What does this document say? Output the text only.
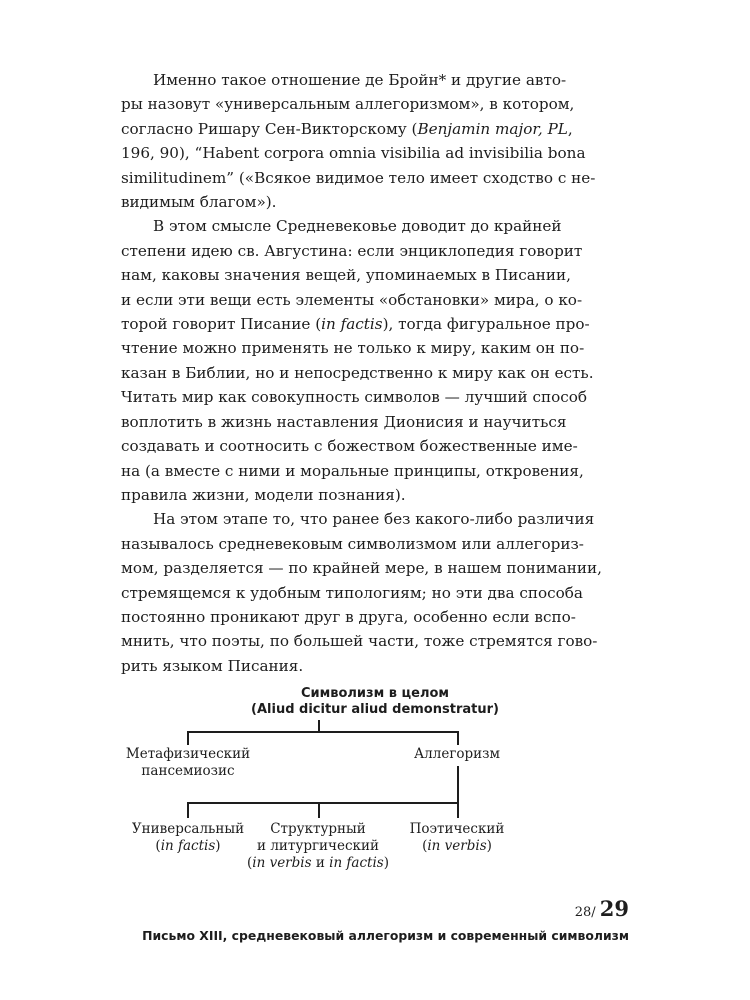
Именно такое отношение де Бройн* и другие авто-
ры назовут «универсальным аллегоризмом», в котором,
согласно Ришару Сен-Викторскому (Benjamin major, PL,
196, 90), “Habent corpora omnia visibilia ad invisibilia bona
similitudinem” («Всякое видимое тело имеет сходство с не-
видимым благом»).

В этом смысле Средневековье доводит до крайней
степени идею св. Августина: если энциклопедия говорит
нам, каковы значения вещей, упоминаемых в Писании,
и если эти вещи есть элементы «обстановки» мира, о ко-
торой говорит Писание (in factis), тогда фигуральное про-
чтение можно применять не только к миру, каким он по-
казан в Библии, но и непосредственно к миру как он есть.
Читать мир как совокупность символов — лучший способ
воплотить в жизнь наставления Дионисия и научиться
создавать и соотносить с божеством божественные име-
на (а вместе с ними и моральные принципы, откровения,
правила жизни, модели познания).

На этом этапе то, что ранее без какого-либо различия
называлось средневековым символизмом или аллегориз-
мом, разделяется — по крайней мере, в нашем понимании,
стремящемся к удобным типологиям; но эти два способа
постоянно проникают друг в друга, особенно если вспо-
мнить, что поэты, по большей части, тоже стремятся гово-
рить языком Писания.

Символизм в целом
(Aliud dicitur aliud demonstratur)
Метафизический
пансемиозис
Аллегоризм
Универсальный
(in factis)
Структурный
и литургический
(in verbis и in factis)
Поэтический
(in verbis)
28/ 29
Письмо XIII, средневековый аллегоризм и современный символизм
